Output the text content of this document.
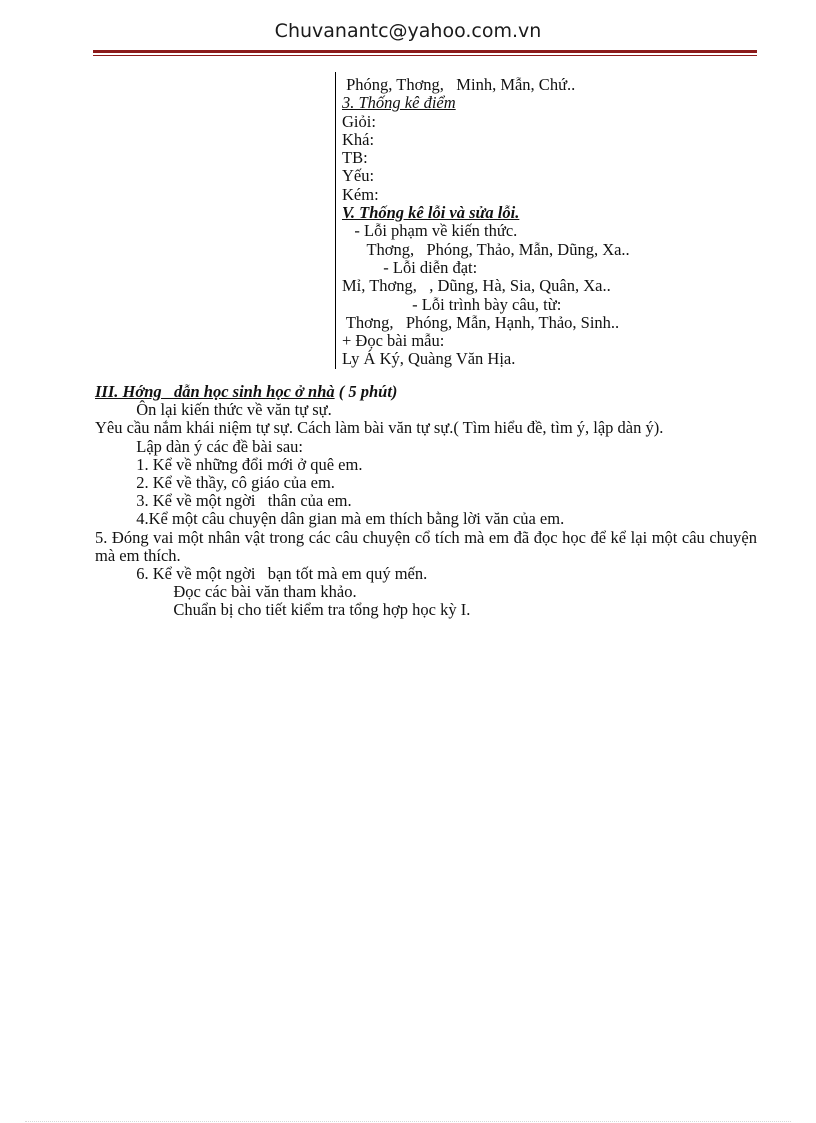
Chuvanantc@yahoo.com.vn
Phóng, Thơng,   Minh, Mẫn, Chứ..
3. Thống kê điểm
Giỏi:
Khá:
TB:
Yếu:
Kém:
V. Thống kê lỗi và sửa lỗi.
- Lỗi phạm về kiến thức.
Thơng,   Phóng, Thảo, Mẫn, Dũng, Xa..
- Lỗi diễn đạt:
Mỉ, Thơng,   , Dũng, Hà, Sia, Quân, Xa..
- Lỗi trình bày câu, từ:
Thơng,   Phóng, Mẫn, Hạnh, Thảo, Sinh..
+ Đọc bài mẫu:
Ly Á Ký, Quàng Văn Hịa.
III. Hớng   dẫn học sinh học ở nhà ( 5 phút)
Ôn lại kiến thức về văn tự sự.
Yêu cầu nắm khái niệm tự sự. Cách làm bài văn tự sự.( Tìm hiểu đề, tìm ý, lập dàn ý).
Lập dàn ý các đề bài sau:
1. Kể về những đổi mới ở quê em.
2. Kể về thầy, cô giáo của em.
3. Kể về một ngời   thân của em.
4.Kể một câu chuyện dân gian mà em thích bằng lời văn của em.
5. Đóng vai một nhân vật trong các câu chuyện cổ tích mà em đã đọc học để kể lại một câu chuyện mà em thích.
6. Kể về một ngời   bạn tốt mà em quý mến.
Đọc các bài văn tham khảo.
Chuẩn bị cho tiết kiểm tra tổng hợp học kỳ I.
